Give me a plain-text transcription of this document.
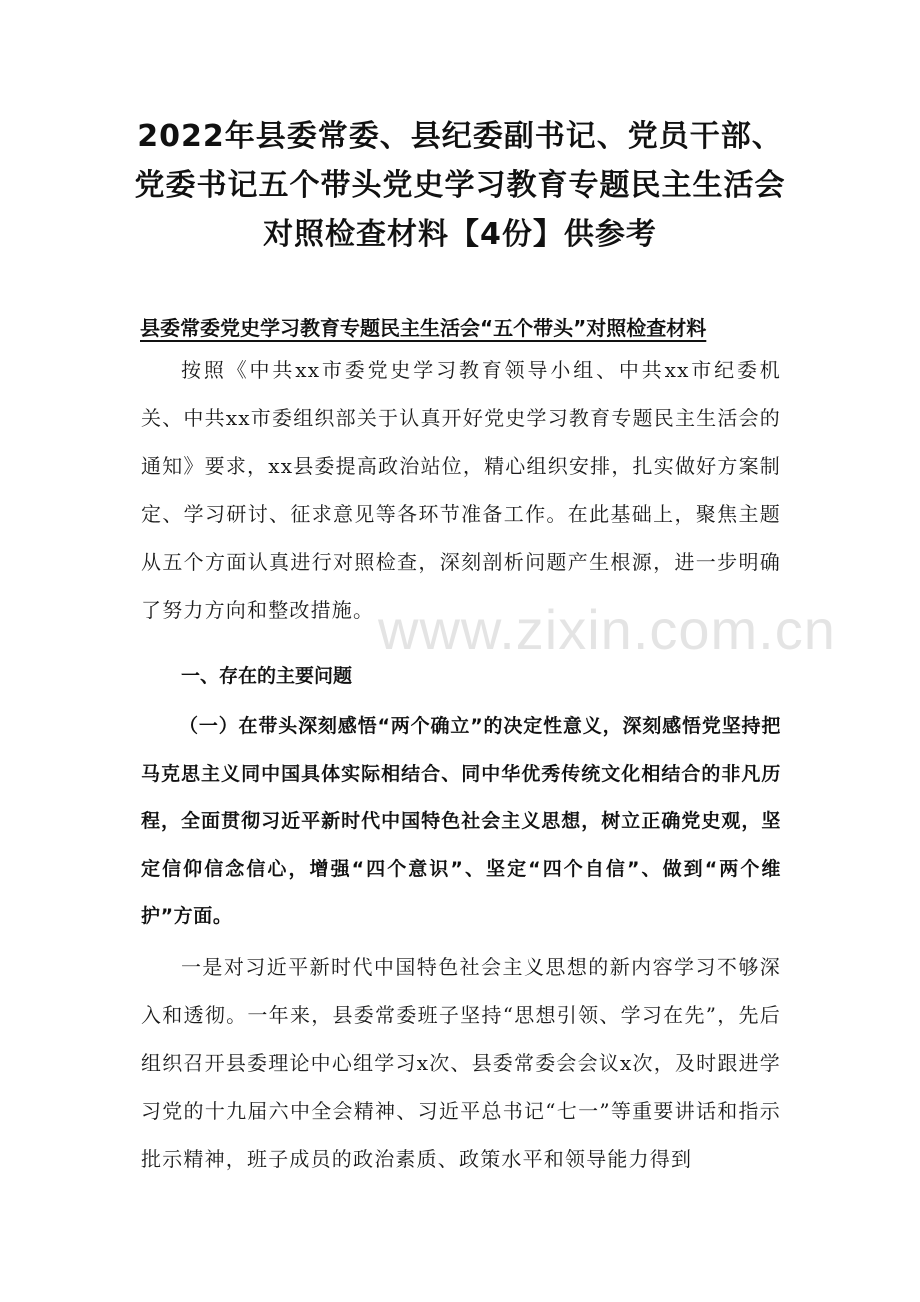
2022年县委常委、县纪委副书记、党员干部、党委书记五个带头党史学习教育专题民主生活会对照检查材料【4份】供参考
县委常委党史学习教育专题民主生活会“五个带头”对照检查材料

按照《中共xx市委党史学习教育领导小组、中共xx市纪委机关、中共xx市委组织部关于认真开好党史学习教育专题民主生活会的通知》要求，xx县委提高政治站位，精心组织安排，扎实做好方案制定、学习研讨、征求意见等各环节准备工作。在此基础上，聚焦主题从五个方面认真进行对照检查，深刻剖析问题产生根源，进一步明确了努力方向和整改措施。

一、存在的主要问题

（一）在带头深刻感悟“两个确立”的决定性意义，深刻感悟党坚持把马克思主义同中国具体实际相结合、同中华优秀传统文化相结合的非凡历程，全面贯彻习近平新时代中国特色社会主义思想，树立正确党史观，坚定信仰信念信心，增强“四个意识”、坚定“四个自信”、做到“两个维护”方面。

一是对习近平新时代中国特色社会主义思想的新内容学习不够深入和透彻。一年来，县委常委班子坚持“思想引领、学习在先”，先后组织召开县委理论中心组学习x次、县委常委会会议x次，及时跟进学习党的十九届六中全会精神、习近平总书记“七一”等重要讲话和指示批示精神，班子成员的政治素质、政策水平和领导能力得到

www.zixin.com.cn
